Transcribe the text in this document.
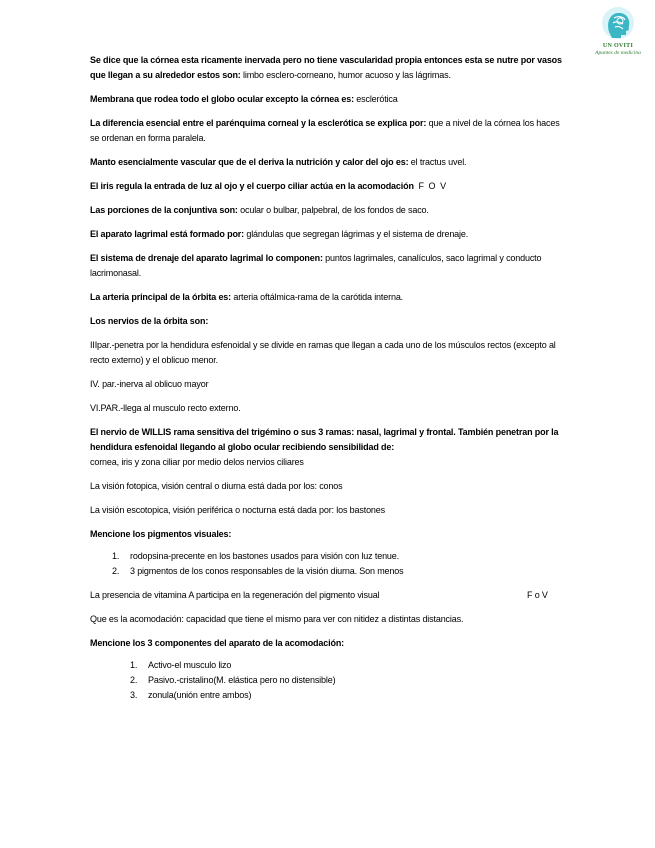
UN OVITI
Apuntes de medicina

Se dice que la córnea esta ricamente inervada pero no tiene vascularidad propia entonces esta se nutre por vasos que llegan a su alrededor estos son: limbo esclero-corneano, humor acuoso y las lágrimas.

Membrana que rodea todo el globo ocular excepto la córnea es: esclerótica

La diferencia esencial entre el parénquima corneal y la esclerótica se explica por: que a nivel de la córnea los haces se ordenan en forma paralela.

Manto esencialmente vascular que de el deriva la nutrición y calor del ojo es: el tractus uvel.

El iris regula la entrada de luz al ojo y el cuerpo ciliar actúa en la acomodación  F  O  V

Las porciones de la conjuntiva son: ocular o bulbar, palpebral, de los fondos de saco.

El aparato lagrimal está formado por: glándulas que segregan lágrimas y el sistema de drenaje.

El sistema de drenaje del aparato lagrimal lo componen: puntos lagrimales, canalículos, saco lagrimal y conducto lacrimonasal.

La arteria principal de la órbita es: arteria oftálmica-rama de la carótida interna.

Los nervios de la órbita son:

IIIpar.-penetra por la hendidura esfenoidal y se divide en ramas que llegan a cada uno de los músculos rectos (excepto al recto externo) y el oblicuo menor.

IV. par.-inerva al oblicuo mayor

VI.PAR.-llega al musculo recto externo.

El nervio de WILLIS rama sensitiva del trigémino o sus 3 ramas: nasal, lagrimal y frontal. También penetran por la hendidura esfenoidal llegando al globo ocular recibiendo sensibilidad de:
cornea, iris y zona ciliar por medio delos nervios ciliares

La visión fotopica, visión central o diurna está dada por los: conos

La visión escotopica, visión periférica o nocturna está dada por: los bastones

Mencione los pigmentos visuales:

1. rodopsina-precente en los bastones usados para visión con luz tenue.
2. 3 pigmentos de los conos responsables de la visión diurna. Son menos

La presencia de vitamina A participa en la regeneración del pigmento visual	F o V

Que es la acomodación: capacidad que tiene el mismo para ver con nitidez a distintas distancias.

Mencione los 3 componentes del aparato de la acomodación:

1. Activo-el musculo lizo
2. Pasivo.-cristalino(M. elástica pero no distensible)
3. zonula(unión entre ambos)
